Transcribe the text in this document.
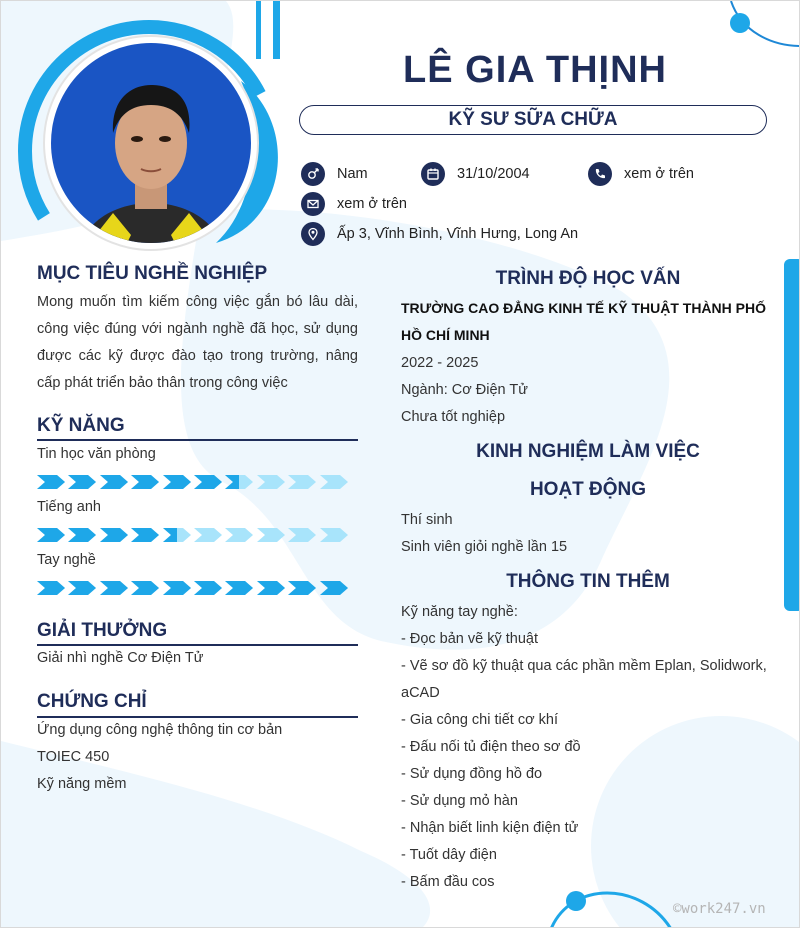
LÊ GIA THỊNH
KỸ SƯ SỮA CHỮA
Nam	31/10/2004	xem ở trên
xem ở trên
Ấp 3, Vĩnh Bình, Vĩnh Hưng, Long An
MỤC TIÊU NGHỀ NGHIỆP

Mong muốn tìm kiếm công việc gắn bó lâu dài, công việc đúng với ngành nghề đã học, sử dụng được các kỹ được đào tạo trong trường, nâng cấp phát triển bảo thân trong công việc

KỸ NĂNG
Tin học văn phòng
Tiếng anh
Tay nghề
GIẢI THƯỞNG
Giải nhì nghề Cơ Điện Tử
CHỨNG CHỈ
Ứng dụng công nghệ thông tin cơ bản
TOIEC 450
Kỹ năng mềm
TRÌNH ĐỘ HỌC VẤN

TRƯỜNG CAO ĐẲNG KINH TẾ KỸ THUẬT THÀNH PHỐ HỒ CHÍ MINH

2022 - 2025
Ngành: Cơ Điện Tử
Chưa tốt nghiệp
KINH NGHIỆM LÀM VIỆC
HOẠT ĐỘNG
Thí sinh
Sinh viên giỏi nghề lần 15
THÔNG TIN THÊM
Kỹ năng tay nghề:
- Đọc bản vẽ kỹ thuật
- Vẽ sơ đồ kỹ thuật qua các phần mềm Eplan, Solidwork,
aCAD
- Gia công chi tiết cơ khí
- Đấu nối tủ điện theo sơ đồ
- Sử dụng đồng hồ đo
- Sử dụng mỏ hàn
- Nhận biết linh kiện điện tử
- Tuốt dây điện
- Bấm đầu cos
©work247.vn
